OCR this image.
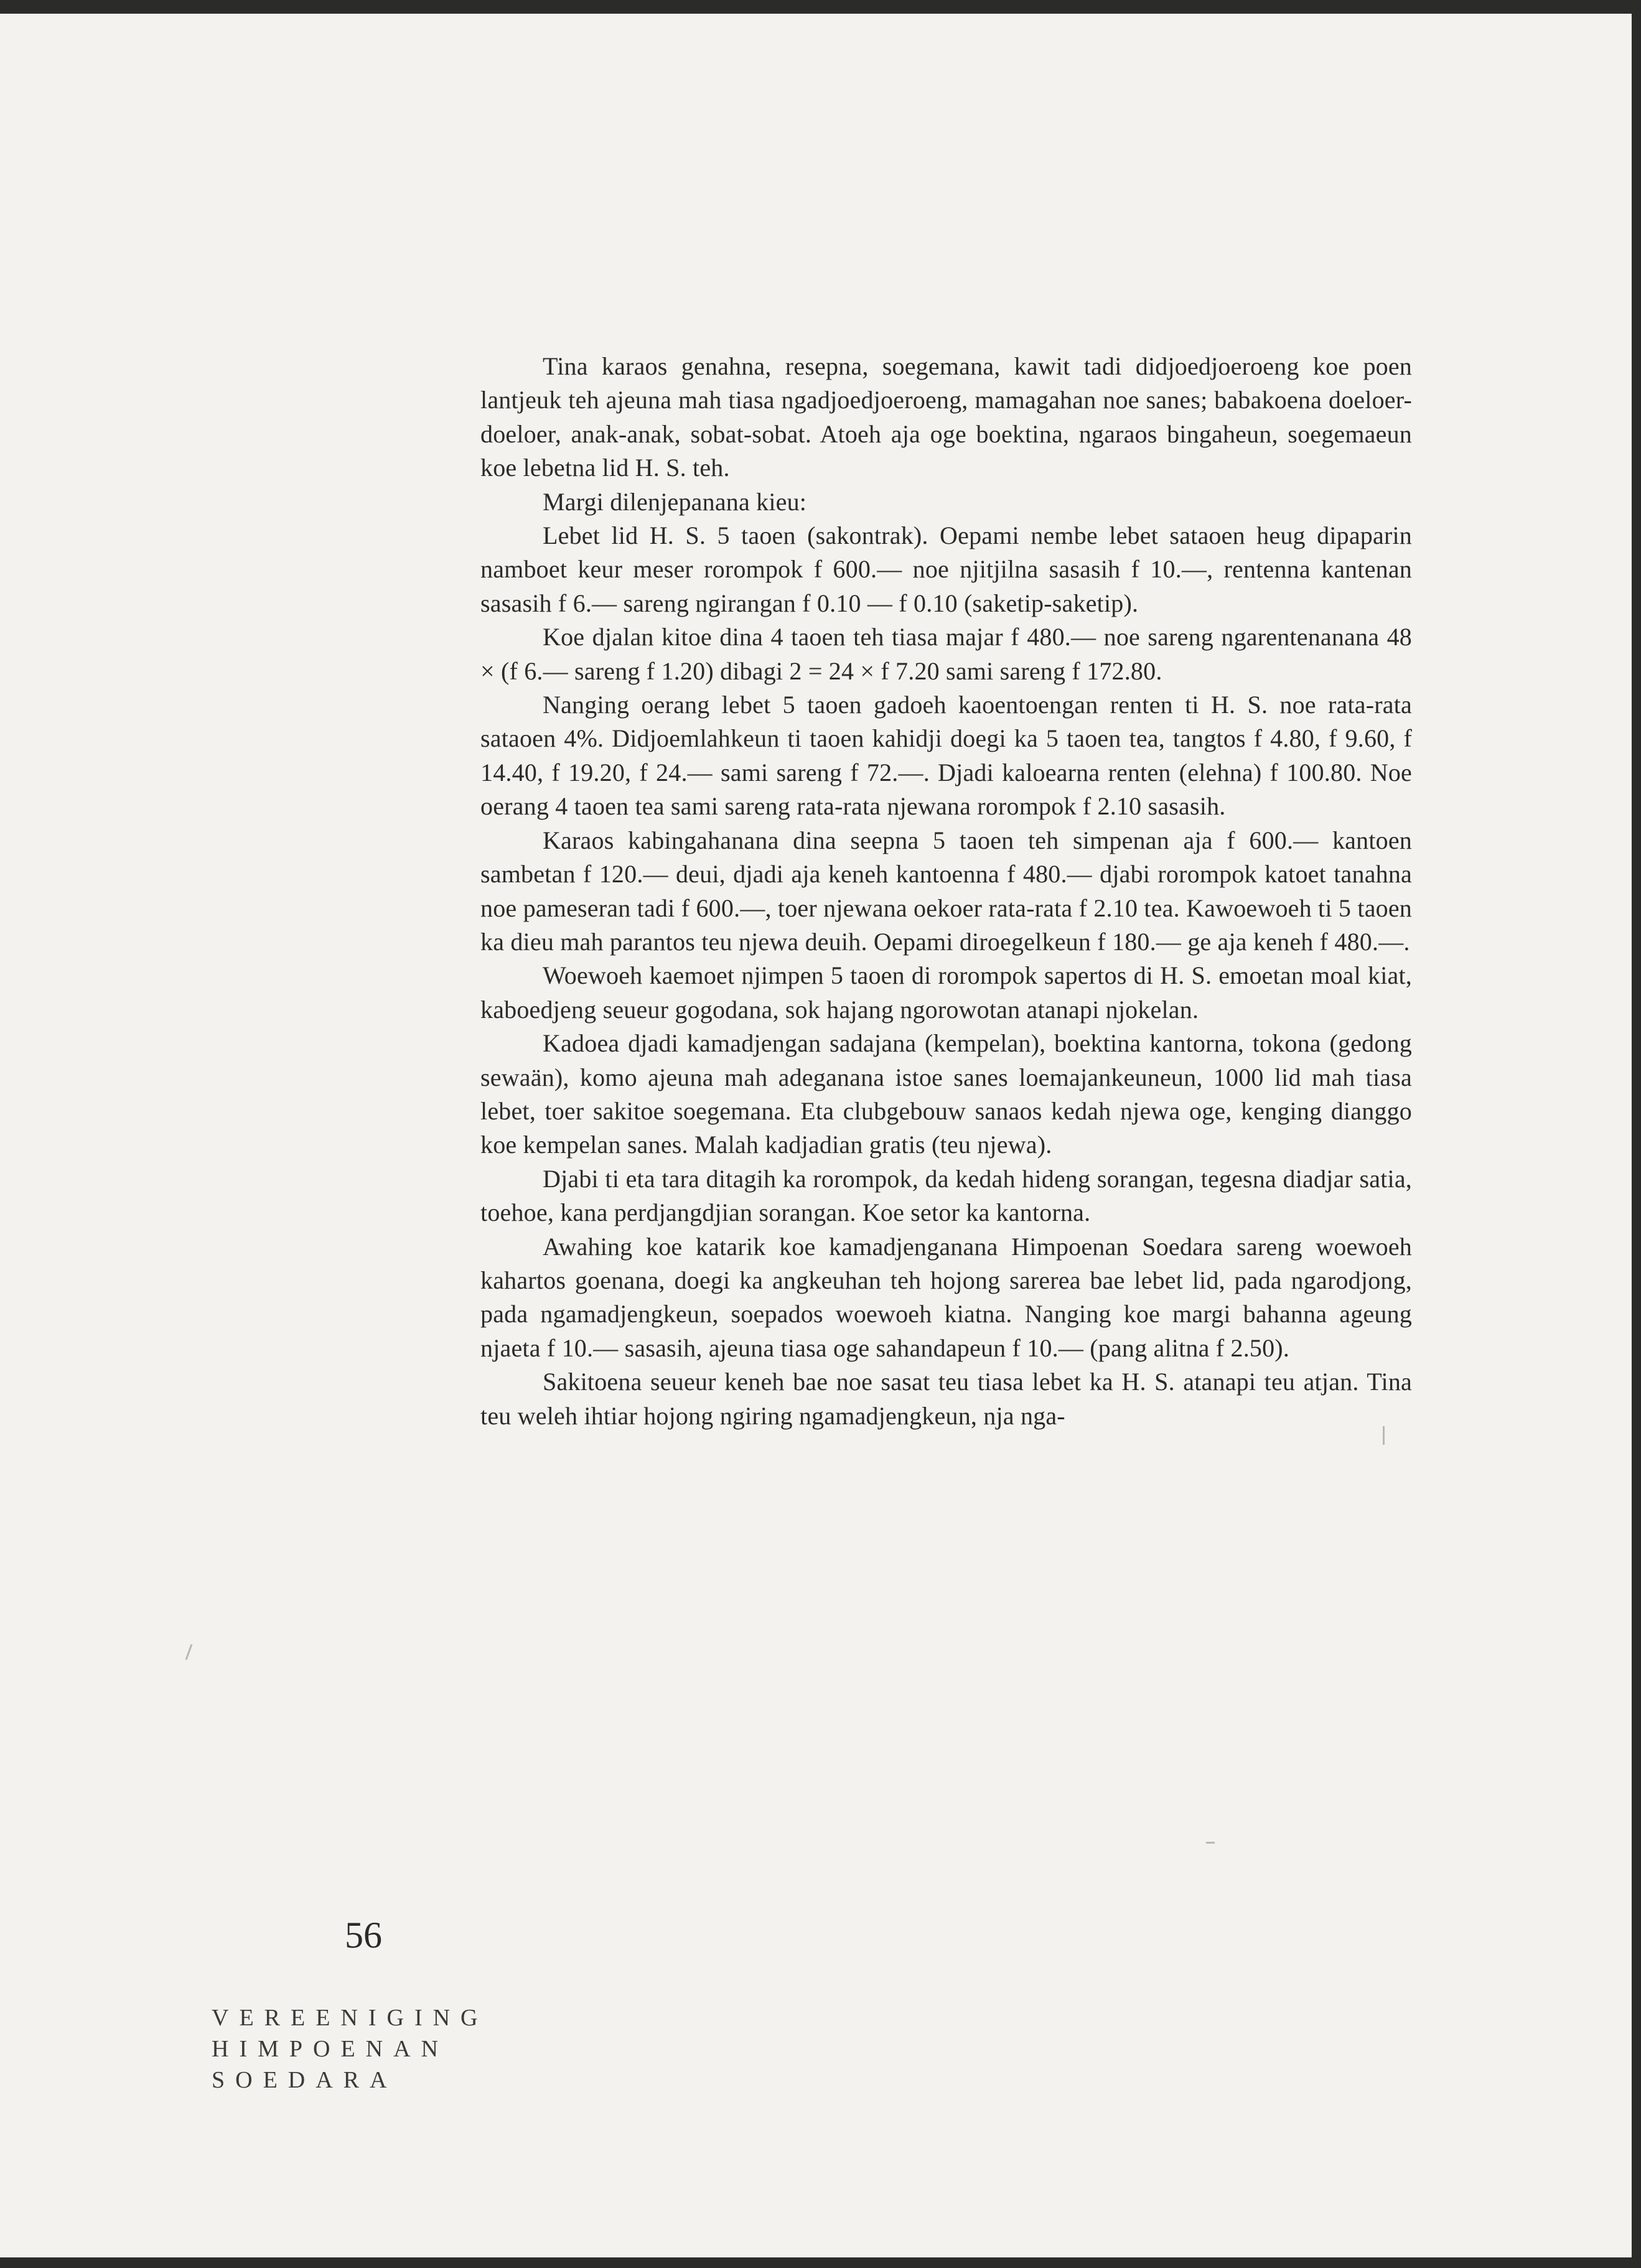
Tina karaos genahna, resepna, soegemana, kawit tadi didjoedjoeroeng koe poen lantjeuk teh ajeuna mah tiasa ngadjoedjoeroeng, mamagahan noe sanes; babakoena doeloer-doeloer, anak-anak, sobat-sobat. Atoeh aja oge boektina, ngaraos bingaheun, soegemaeun koe lebetna lid H. S. teh.

Margi dilenjepanana kieu:

Lebet lid H. S. 5 taoen (sakontrak). Oepami nembe lebet sataoen heug dipaparin namboet keur meser rorompok f 600.— noe njitjilna sasasih f 10.—, rentenna kantenan sasasih f 6.— sareng ngirangan f 0.10 — f 0.10 (saketip-saketip).

Koe djalan kitoe dina 4 taoen teh tiasa majar f 480.— noe sareng ngarentenanana 48 × (f 6.— sareng f 1.20) dibagi 2 = 24 × f 7.20 sami sareng f 172.80.

Nanging oerang lebet 5 taoen gadoeh kaoentoengan renten ti H. S. noe rata-rata sataoen 4%. Didjoemlahkeun ti taoen kahidji doegi ka 5 taoen tea, tangtos f 4.80, f 9.60, f 14.40, f 19.20, f 24.— sami sareng f 72.—. Djadi kaloearna renten (elehna) f 100.80. Noe oerang 4 taoen tea sami sareng rata-rata njewana rorompok f 2.10 sasasih.

Karaos kabingahanana dina seepna 5 taoen teh simpenan aja f 600.— kantoen sambetan f 120.— deui, djadi aja keneh kantoenna f 480.— djabi rorompok katoet tanahna noe pameseran tadi f 600.—, toer njewana oekoer rata-rata f 2.10 tea. Kawoewoeh ti 5 taoen ka dieu mah parantos teu njewa deuih. Oepami diroegelkeun f 180.— ge aja keneh f 480.—.

Woewoeh kaemoet njimpen 5 taoen di rorompok sapertos di H. S. emoetan moal kiat, kaboedjeng seueur gogodana, sok hajang ngorowotan atanapi njokelan.

Kadoea djadi kamadjengan sadajana (kempelan), boektina kantorna, tokona (gedong sewaän), komo ajeuna mah adeganana istoe sanes loemajankeuneun, 1000 lid mah tiasa lebet, toer sakitoe soegemana. Eta clubgebouw sanaos kedah njewa oge, kenging dianggo koe kempelan sanes. Malah kadjadian gratis (teu njewa).

Djabi ti eta tara ditagih ka rorompok, da kedah hideng sorangan, tegesna diadjar satia, toehoe, kana perdjangdjian sorangan. Koe setor ka kantorna.

Awahing koe katarik koe kamadjenganana Himpoenan Soedara sareng woewoeh kahartos goenana, doegi ka angkeuhan teh hojong sarerea bae lebet lid, pada ngarodjong, pada ngamadjengkeun, soepados woewoeh kiatna. Nanging koe margi bahanna ageung njaeta f 10.— sasasih, ajeuna tiasa oge sahandapeun f 10.— (pang alitna f 2.50).

Sakitoena seueur keneh bae noe sasat teu tiasa lebet ka H. S. atanapi teu atjan. Tina teu weleh ihtiar hojong ngiring ngamadjengkeun, nja nga-

56
VEREENIGING
HIMPOENAN
SOEDARA
